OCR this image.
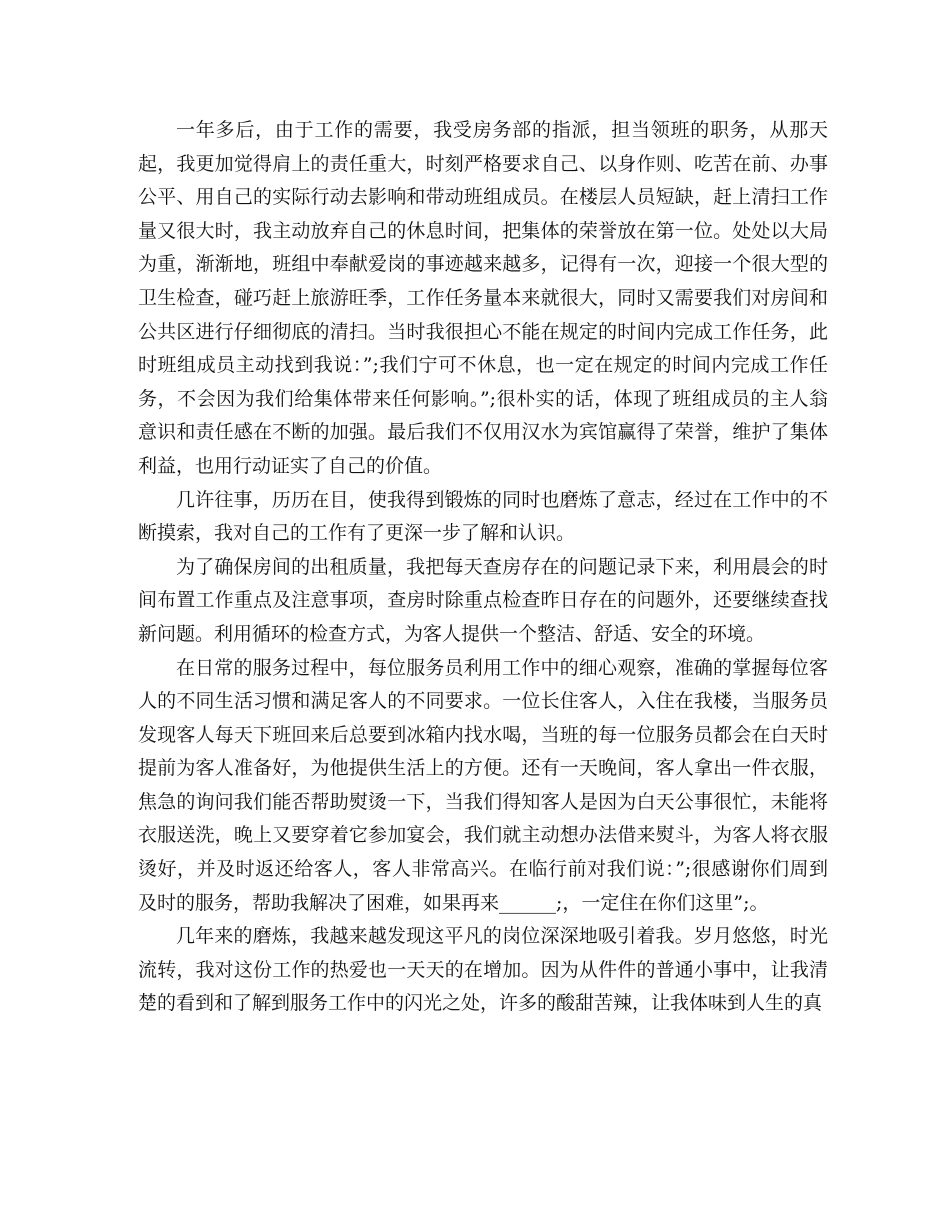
一年多后，由于工作的需要，我受房务部的指派，担当领班的职务，从那天起，我更加觉得肩上的责任重大，时刻严格要求自己、以身作则、吃苦在前、办事公平、用自己的实际行动去影响和带动班组成员。在楼层人员短缺，赶上清扫工作量又很大时，我主动放弃自己的休息时间，把集体的荣誉放在第一位。处处以大局为重，渐渐地，班组中奉献爱岗的事迹越来越多，记得有一次，迎接一个很大型的卫生检查，碰巧赶上旅游旺季，工作任务量本来就很大，同时又需要我们对房间和公共区进行仔细彻底的清扫。当时我很担心不能在规定的时间内完成工作任务，此时班组成员主动找到我说：”;我们宁可不休息，也一定在规定的时间内完成工作任务，不会因为我们给集体带来任何影响。”;很朴实的话，体现了班组成员的主人翁意识和责任感在不断的加强。最后我们不仅用汉水为宾馆赢得了荣誉，维护了集体利益，也用行动证实了自己的价值。

几许往事，历历在目，使我得到锻炼的同时也磨炼了意志，经过在工作中的不断摸索，我对自己的工作有了更深一步了解和认识。

为了确保房间的出租质量，我把每天查房存在的问题记录下来，利用晨会的时间布置工作重点及注意事项，查房时除重点检查昨日存在的问题外，还要继续查找新问题。利用循环的检查方式，为客人提供一个整洁、舒适、安全的环境。

在日常的服务过程中，每位服务员利用工作中的细心观察，准确的掌握每位客人的不同生活习惯和满足客人的不同要求。一位长住客人，入住在我楼，当服务员发现客人每天下班回来后总要到冰箱内找水喝，当班的每一位服务员都会在白天时提前为客人准备好，为他提供生活上的方便。还有一天晚间，客人拿出一件衣服，焦急的询问我们能否帮助熨烫一下，当我们得知客人是因为白天公事很忙，未能将衣服送洗，晚上又要穿着它参加宴会，我们就主动想办法借来熨斗，为客人将衣服烫好，并及时返还给客人，客人非常高兴。在临行前对我们说：”;很感谢你们周到及时的服务，帮助我解决了困难，如果再来______;，一定住在你们这里”;。

几年来的磨炼，我越来越发现这平凡的岗位深深地吸引着我。岁月悠悠，时光流转，我对这份工作的热爱也一天天的在增加。因为从件件的普通小事中，让我清楚的看到和了解到服务工作中的闪光之处，许多的酸甜苦辣，让我体味到人生的真
